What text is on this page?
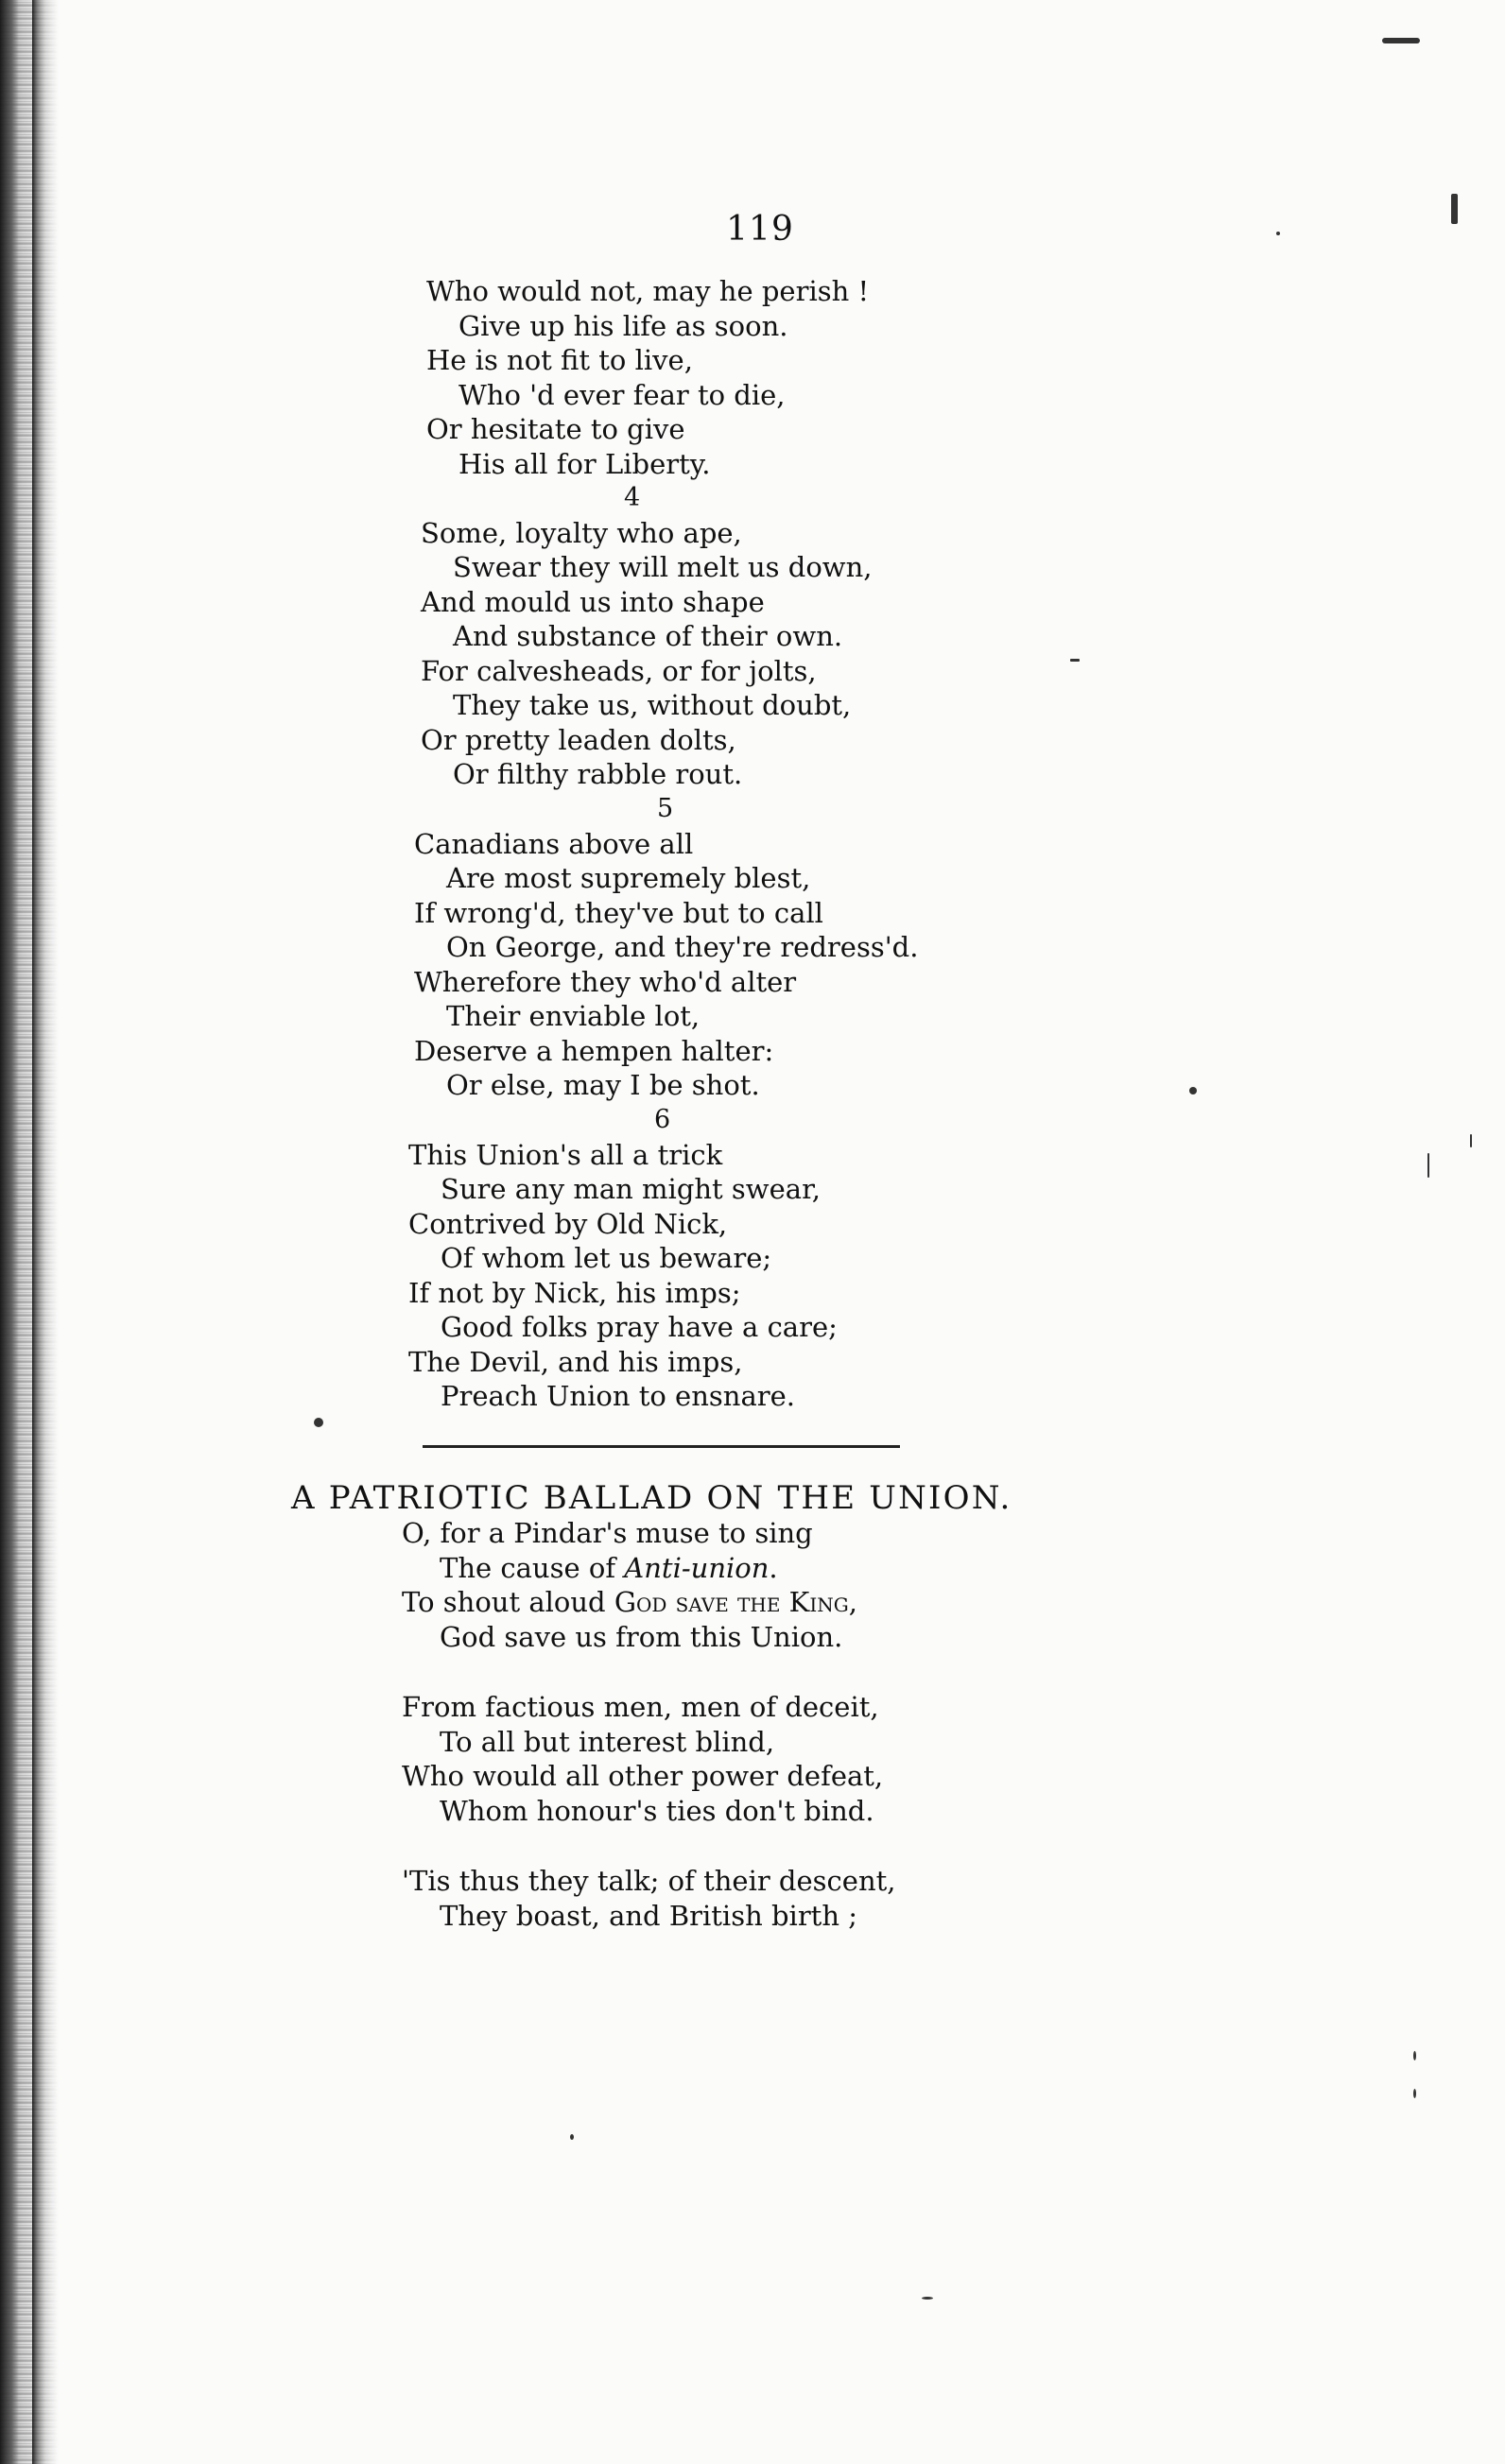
119
Who would not, may he perish !
Give up his life as soon.
He is not fit to live,
Who 'd ever fear to die,
Or hesitate to give
His all for Liberty.
4
Some, loyalty who ape,
Swear they will melt us down,
And mould us into shape
And substance of their own.
For calvesheads, or for jolts,
They take us, without doubt,
Or pretty leaden dolts,
Or filthy rabble rout.
5
Canadians above all
Are most supremely blest,
If wrong'd, they've but to call
On George, and they're redress'd.
Wherefore they who'd alter
Their enviable lot,
Deserve a hempen halter:
Or else, may I be shot.
6
This Union's all a trick
Sure any man might swear,
Contrived by Old Nick,
Of whom let us beware;
If not by Nick, his imps;
Good folks pray have a care;
The Devil, and his imps,
Preach Union to ensnare.
A PATRIOTIC BALLAD ON THE UNION.
O, for a Pindar's muse to sing
The cause of Anti-union.
To shout aloud God save the King,
God save us from this Union.
From factious men, men of deceit,
To all but interest blind,
Who would all other power defeat,
Whom honour's ties don't bind.
'Tis thus they talk; of their descent,
They boast, and British birth ;
